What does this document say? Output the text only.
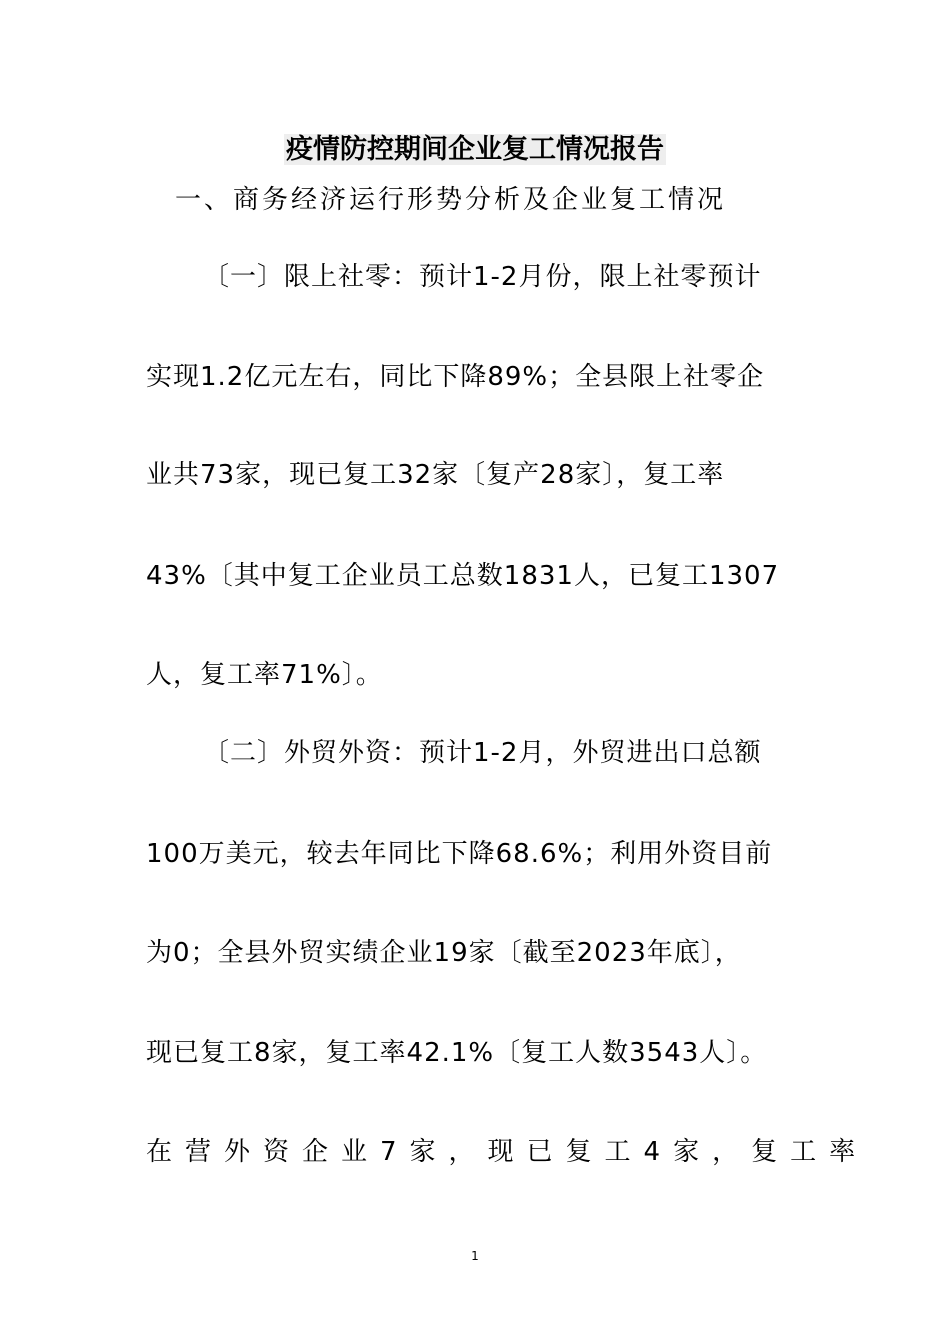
疫情防控期间企业复工情况报告
一、商务经济运行形势分析及企业复工情况
〔一〕限上社零：预计1-2月份，限上社零预计
实现1.2亿元左右，同比下降89%；全县限上社零企
业共73家，现已复工32家〔复产28家〕，复工率
43%〔其中复工企业员工总数1831人，已复工1307
人，复工率71%〕。
〔二〕外贸外资：预计1-2月，外贸进出口总额
100万美元，较去年同比下降68.6%；利用外资目前
为0；全县外贸实绩企业19家〔截至2023年底〕，
现已复工8家，复工率42.1%〔复工人数3543人〕。
在营外资企业7家，现已复工4家，复工率
1
